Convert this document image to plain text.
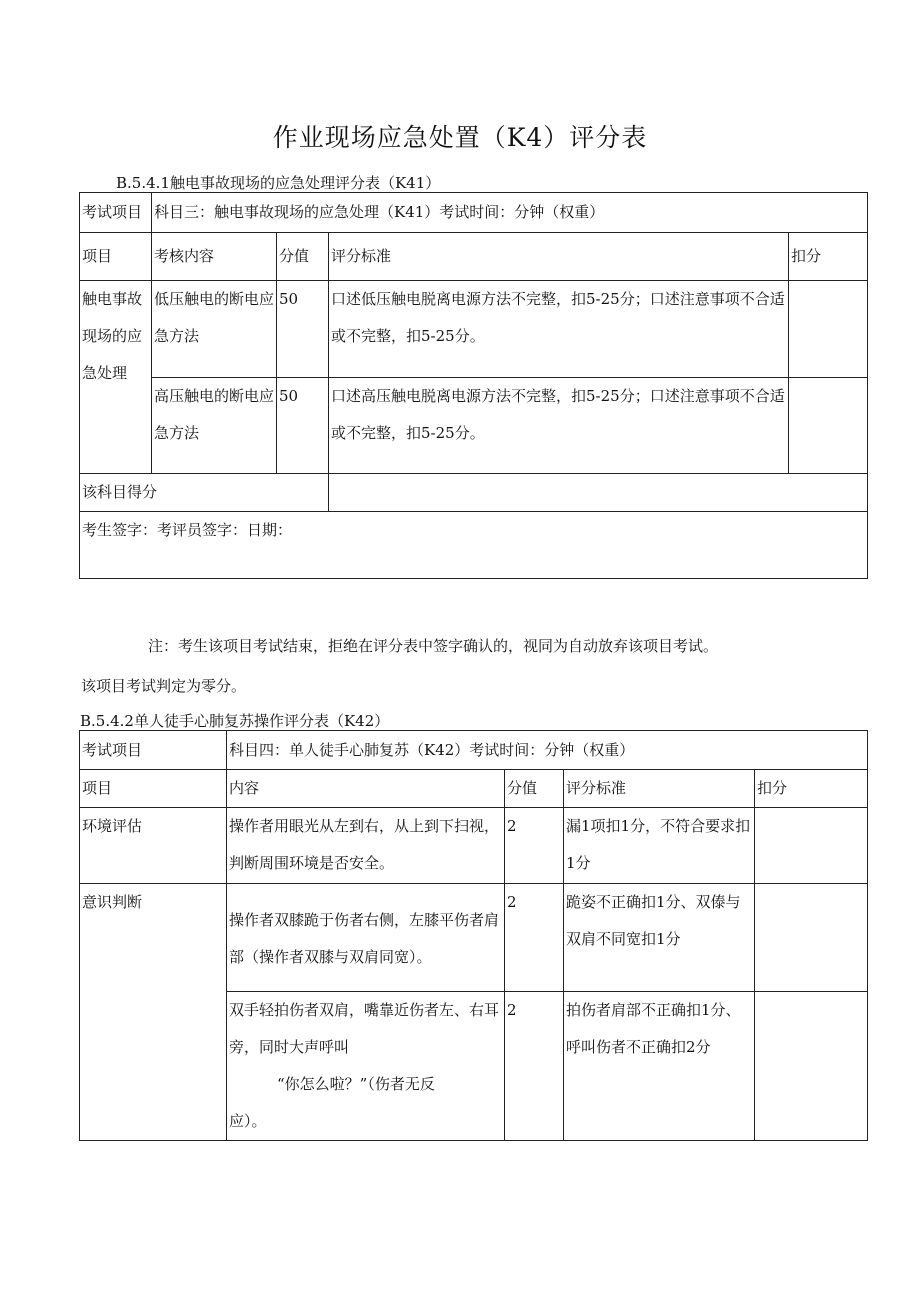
作业现场应急处置（K4）评分表
B.5.4.1触电事故现场的应急处理评分表（K41）
考试项目	科目三：触电事故现场的应急处理（K41）考试时间：分钟（权重）			
项目	考核内容	分值	评分标准	扣分
触电事故现场的应急处理	低压触电的断电应急方法	50	口述低压触电脱离电源方法不完整，扣5-25分；口述注意事项不合适或不完整，扣5-25分。	
	高压触电的断电应急方法	50	口述高压触电脱离电源方法不完整，扣5-25分；口述注意事项不合适或不完整，扣5-25分。	
该科目得分				
考生签字：考评员签字：日期：				
注：考生该项目考试结束，拒绝在评分表中签字确认的，视同为自动放弃该项目考试。
该项目考试判定为零分。
B.5.4.2单人徒手心肺复苏操作评分表（K42）
考试项目	科目四：单人徒手心肺复苏（K42）考试时间：分钟（权重）			
项目	内容	分值	评分标准	扣分
环境评估	操作者用眼光从左到右，从上到下扫视，判断周围环境是否安全。	2	漏1项扣1分，不符合要求扣1分	
意识判断	操作者双膝跪于伤者右侧，左膝平伤者肩部（操作者双膝与双肩同宽）。	2	跪姿不正确扣1分、双傣与双肩不同宽扣1分	

	双手轻拍伤者双肩，嘴靠近伤者左、右耳旁，同时大声呼叫
“你怎么啦？”（伤者无反
应）。	2	拍伤者肩部不正确扣1分、呼叫伤者不正确扣2分	
